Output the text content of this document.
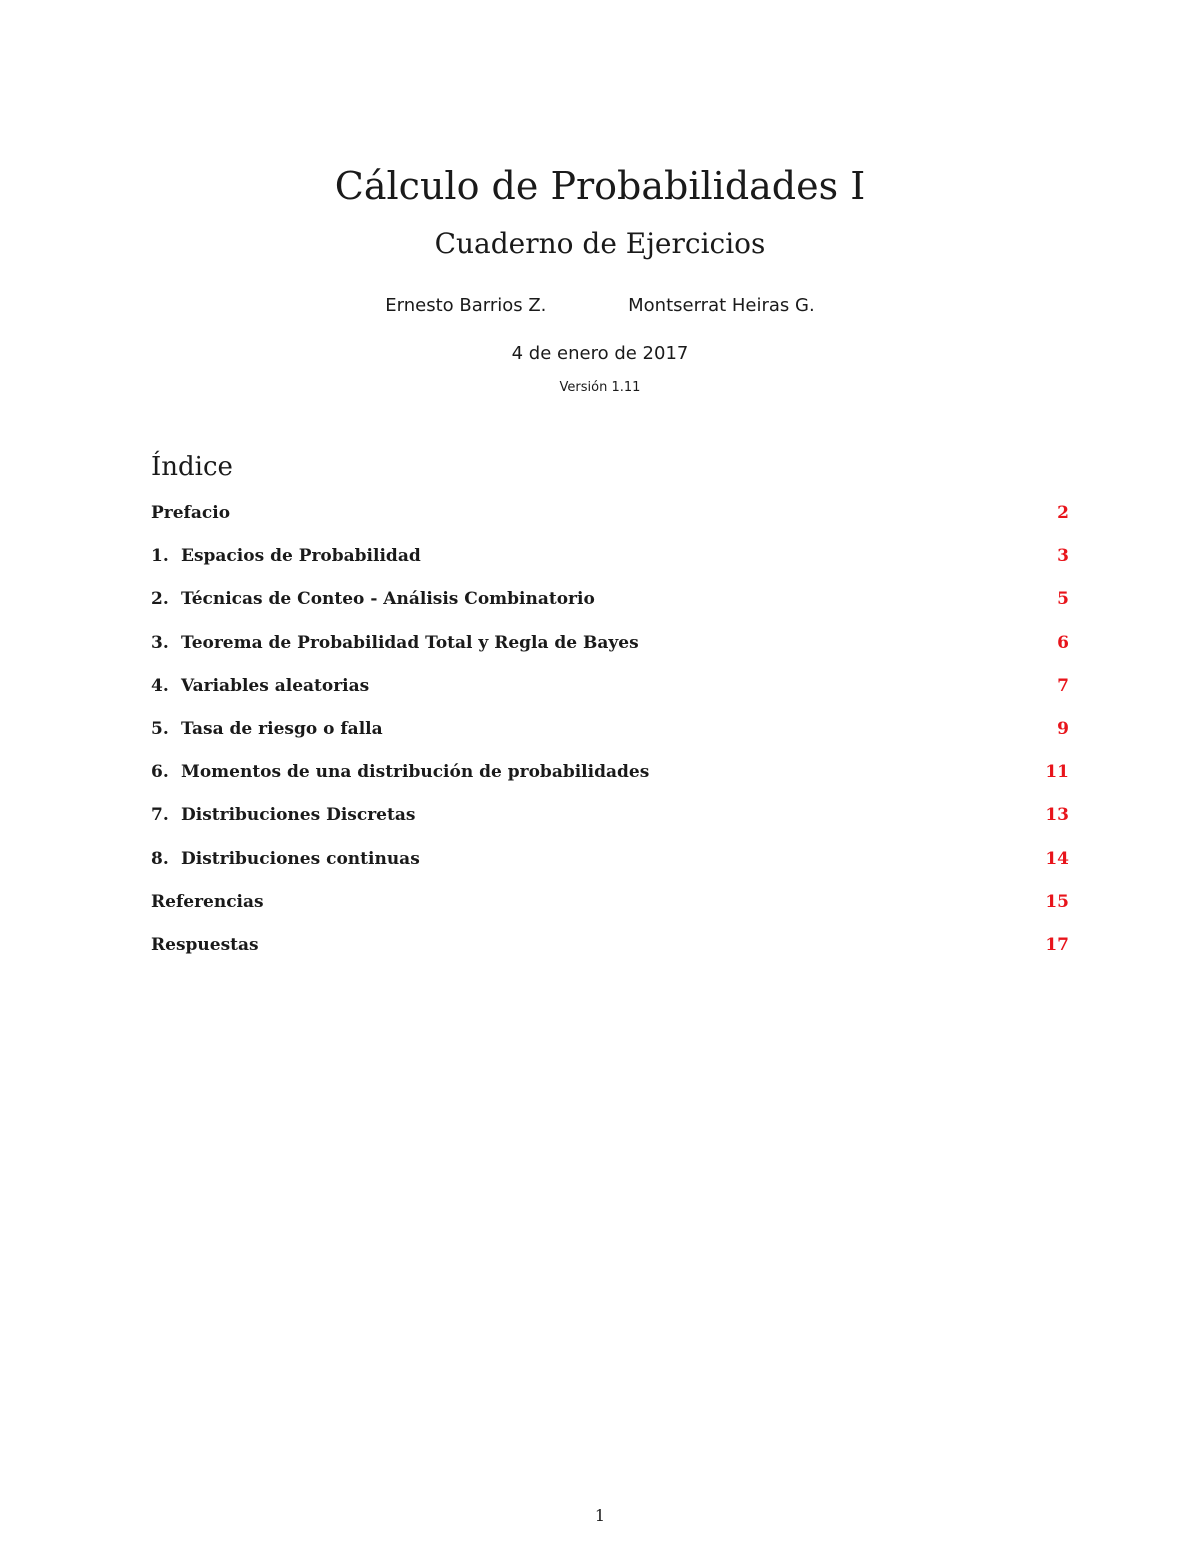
Cálculo de Probabilidades I
Cuaderno de Ejercicios
Ernesto Barrios Z.	Montserrat Heiras G.
4 de enero de 2017
Versión 1.11
Índice
Prefacio	2
1. Espacios de Probabilidad	3
2. Técnicas de Conteo - Análisis Combinatorio	5
3. Teorema de Probabilidad Total y Regla de Bayes	6
4. Variables aleatorias	7
5. Tasa de riesgo o falla	9
6. Momentos de una distribución de probabilidades	11
7. Distribuciones Discretas	13
8. Distribuciones continuas	14
Referencias	15
Respuestas	17
1
